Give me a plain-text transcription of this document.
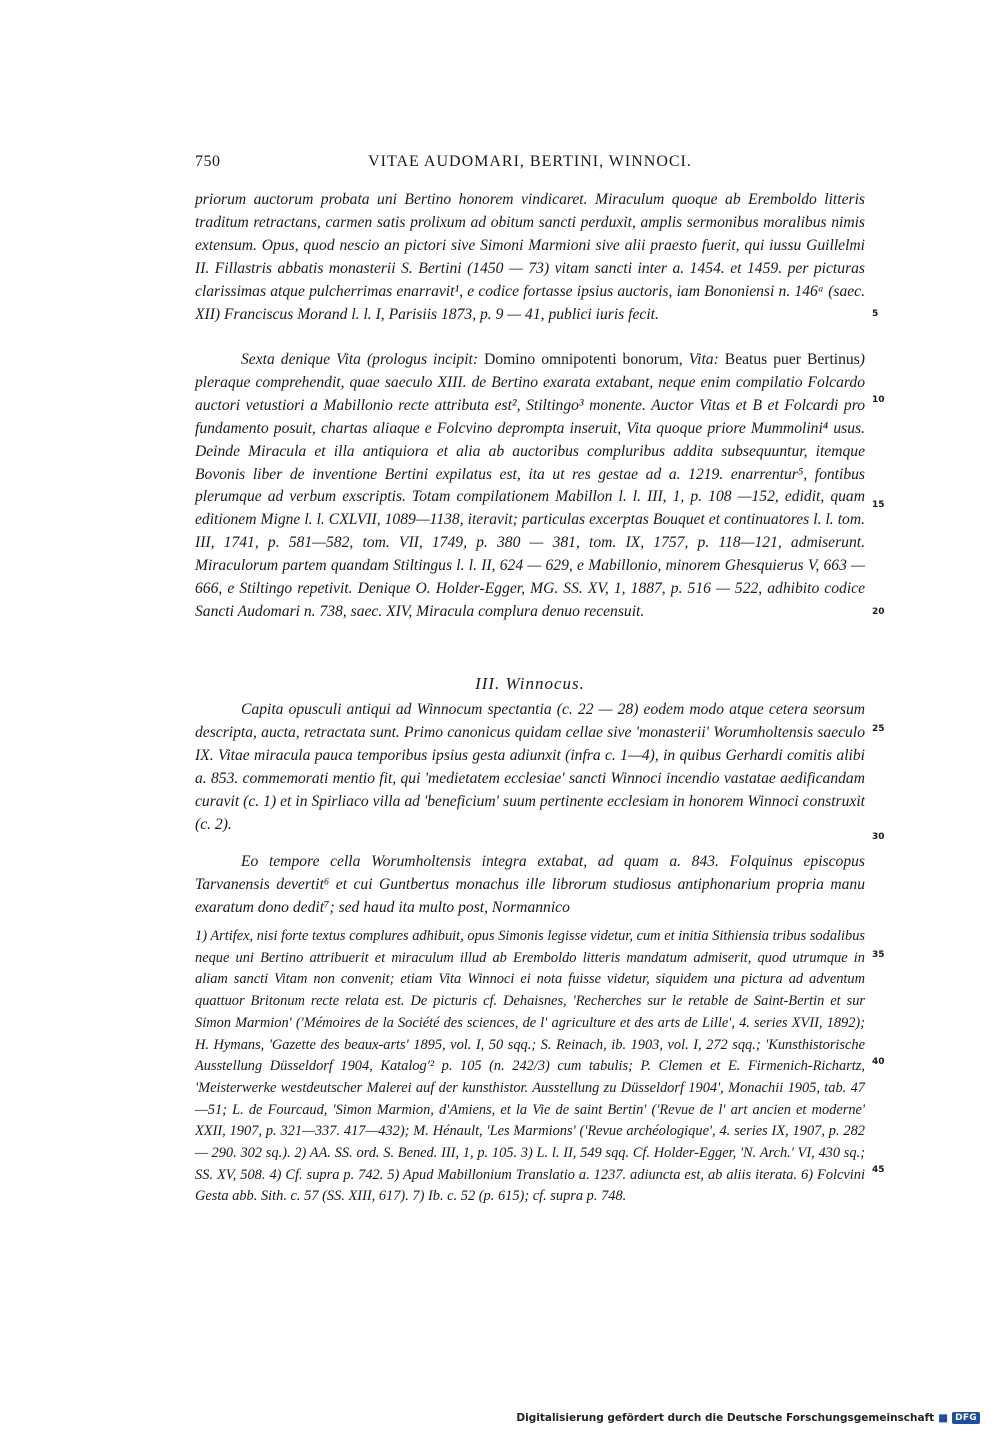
750	VITAE AUDOMARI, BERTINI, WINNOCI.
priorum auctorum probata uni Bertino honorem vindicaret. Miraculum quoque ab Eremboldo litteris traditum retractans, carmen satis prolixum ad obitum sancti perduxit, amplis sermonibus moralibus nimis extensum. Opus, quod nescio an pictori sive Simoni Marmioni sive alii praesto fuerit, qui iussu Guillelmi II. Fillastris abbatis monasterii S. Bertini (1450 — 73) vitam sancti inter a. 1454. et 1459. per picturas clarissimas atque pulcherrimas enarravit¹, e codice fortasse ipsius auctoris, iam Bononiensi n. 146ᵃ (saec. XII) Franciscus Morand l. l. I, Parisiis 1873, p. 9 — 41, publici iuris fecit.
Sexta denique Vita (prologus incipit: Domino omnipotenti bonorum, Vita: Beatus puer Bertinus) pleraque comprehendit, quae saeculo XIII. de Bertino exarata extabant, neque enim compilatio Folcardo auctori vetustiori a Mabillonio recte attributa est², Stiltingo³ monente. Auctor Vitas et B et Folcardi pro fundamento posuit, chartas aliaque e Folcvino deprompta inseruit, Vita quoque priore Mummolini⁴ usus. Deinde Miracula et illa antiquiora et alia ab auctoribus compluribus addita subsequuntur, itemque Bovonis liber de inventione Bertini expilatus est, ita ut res gestae ad a. 1219. enarrentur⁵, fontibus plerumque ad verbum exscriptis. Totam compilationem Mabillon l. l. III, 1, p. 108 —152, edidit, quam editionem Migne l. l. CXLVII, 1089—1138, iteravit; particulas excerptas Bouquet et continuatores l. l. tom. III, 1741, p. 581—582, tom. VII, 1749, p. 380 — 381, tom. IX, 1757, p. 118—121, admiserunt. Miraculorum partem quandam Stiltingus l. l. II, 624 — 629, e Mabillonio, minorem Ghesquierus V, 663 — 666, e Stiltingo repetivit. Denique O. Holder-Egger, MG. SS. XV, 1, 1887, p. 516 — 522, adhibito codice Sancti Audomari n. 738, saec. XIV, Miracula complura denuo recensuit.
III. Winnocus.
Capita opusculi antiqui ad Winnocum spectantia (c. 22 — 28) eodem modo atque cetera seorsum descripta, aucta, retractata sunt. Primo canonicus quidam cellae sive 'monasterii' Worumholtensis saeculo IX. Vitae miracula pauca temporibus ipsius gesta adiunxit (infra c. 1—4), in quibus Gerhardi comitis alibi a. 853. commemorati mentio fit, qui 'medietatem ecclesiae' sancti Winnoci incendio vastatae aedificandam curavit (c. 1) et in Spirliaco villa ad 'beneficium' suum pertinente ecclesiam in honorem Winnoci construxit (c. 2).
Eo tempore cella Worumholtensis integra extabat, ad quam a. 843. Folquinus episcopus Tarvanensis devertit⁶ et cui Guntbertus monachus ille librorum studiosus antiphonarium propria manu exaratum dono dedit⁷; sed haud ita multo post, Normannico
1) Artifex, nisi forte textus complures adhibuit, opus Simonis legisse videtur, cum et initia Sithiensia tribus sodalibus neque uni Bertino attribuerit et miraculum illud ab Eremboldo litteris mandatum admiserit, quod utrumque in aliam sancti Vitam non convenit; etiam Vita Winnoci ei nota fuisse videtur, siquidem una pictura ad adventum quattuor Britonum recte relata est. De picturis cf. Dehaisnes, 'Recherches sur le retable de Saint-Bertin et sur Simon Marmion' ('Mémoires de la Société des sciences, de l' agriculture et des arts de Lille', 4. series XVII, 1892); H. Hymans, 'Gazette des beaux-arts' 1895, vol. I, 50 sqq.; S. Reinach, ib. 1903, vol. I, 272 sqq.; 'Kunsthistorische Ausstellung Düsseldorf 1904, Katalog'² p. 105 (n. 242/3) cum tabulis; P. Clemen et E. Firmenich-Richartz, 'Meisterwerke westdeutscher Malerei auf der kunsthistor. Ausstellung zu Düsseldorf 1904', Monachii 1905, tab. 47—51; L. de Fourcaud, 'Simon Marmion, d'Amiens, et la Vie de saint Bertin' ('Revue de l' art ancien et moderne' XXII, 1907, p. 321—337. 417—432); M. Hénault, 'Les Marmions' ('Revue archéologique', 4. series IX, 1907, p. 282 — 290. 302 sq.). 2) AA. SS. ord. S. Bened. III, 1, p. 105. 3) L. l. II, 549 sqq. Cf. Holder-Egger, 'N. Arch.' VI, 430 sq.; SS. XV, 508. 4) Cf. supra p. 742. 5) Apud Mabillonium Translatio a. 1237. adiuncta est, ab aliis iterata. 6) Folcvini Gesta abb. Sith. c. 57 (SS. XIII, 617). 7) Ib. c. 52 (p. 615); cf. supra p. 748.
5
10
15
20
25
30
35
40
45
Digitalisierung gefördert durch die Deutsche Forschungsgemeinschaft ■ DFG
